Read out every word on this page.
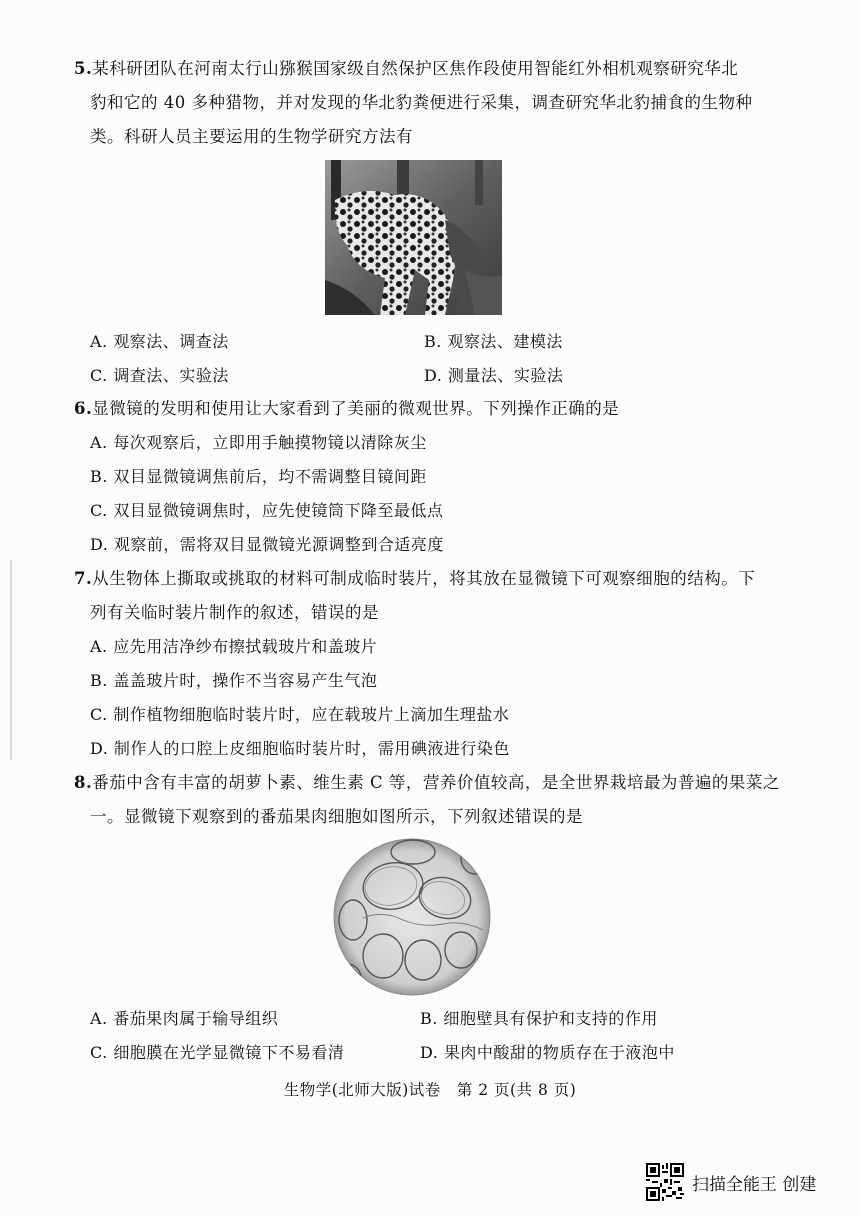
5.某科研团队在河南太行山猕猴国家级自然保护区焦作段使用智能红外相机观察研究华北
豹和它的 40 多种猎物，并对发现的华北豹粪便进行采集，调查研究华北豹捕食的生物种
类。科研人员主要运用的生物学研究方法有
A. 观察法、调查法	B. 观察法、建模法
C. 调查法、实验法	D. 测量法、实验法
6.显微镜的发明和使用让大家看到了美丽的微观世界。下列操作正确的是
A. 每次观察后，立即用手触摸物镜以清除灰尘
B. 双目显微镜调焦前后，均不需调整目镜间距
C. 双目显微镜调焦时，应先使镜筒下降至最低点
D. 观察前，需将双目显微镜光源调整到合适亮度
7.从生物体上撕取或挑取的材料可制成临时装片，将其放在显微镜下可观察细胞的结构。下
列有关临时装片制作的叙述，错误的是
A. 应先用洁净纱布擦拭载玻片和盖玻片
B. 盖盖玻片时，操作不当容易产生气泡
C. 制作植物细胞临时装片时，应在载玻片上滴加生理盐水
D. 制作人的口腔上皮细胞临时装片时，需用碘液进行染色
8.番茄中含有丰富的胡萝卜素、维生素 C 等，营养价值较高，是全世界栽培最为普遍的果菜之
一。显微镜下观察到的番茄果肉细胞如图所示，下列叙述错误的是
A. 番茄果肉属于输导组织	B. 细胞壁具有保护和支持的作用
C. 细胞膜在光学显微镜下不易看清	D. 果肉中酸甜的物质存在于液泡中
生物学(北师大版)试卷　第 2 页(共 8 页)
扫描全能王 创建
